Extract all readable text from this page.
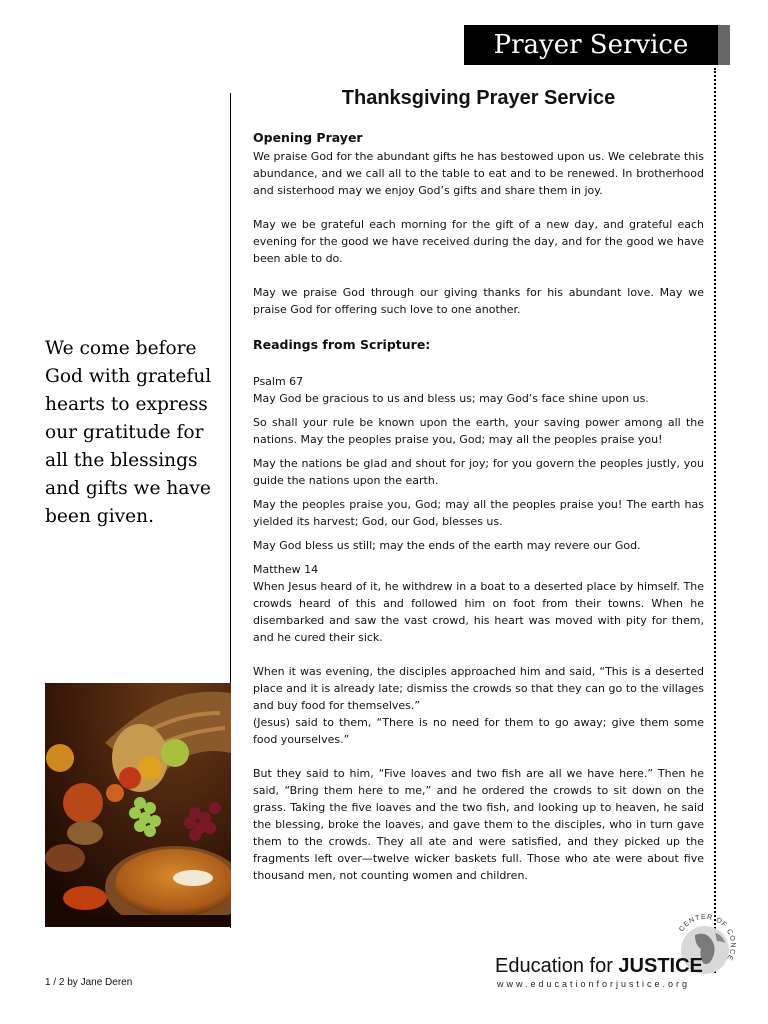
Prayer Service
We come before God with grateful hearts to express our gratitude for all the blessings and gifts we have been given.
Thanksgiving Prayer Service
Opening Prayer

We praise God for the abundant gifts he has bestowed upon us. We celebrate this abundance, and we call all to the table to eat and to be renewed. In brotherhood and sisterhood may we enjoy God’s gifts and share them in joy.

May we be grateful each morning for the gift of a new day, and grateful each evening for the good we have received during the day, and for the good we have been able to do.

May we praise God through our giving thanks for his abundant love. May we praise God for offering such love to one another.

Readings from Scripture:
Psalm 67

May God be gracious to us and bless us; may God’s face shine upon us.

So shall your rule be known upon the earth, your saving power among all the nations. May the peoples praise you, God; may all the peoples praise you!

May the nations be glad and shout for joy; for you govern the peoples justly, you guide the nations upon the earth.

May the peoples praise you, God; may all the peoples praise you! The earth has yielded its harvest; God, our God, blesses us.

May God bless us still; may the ends of the earth may revere our God.

Matthew 14

When Jesus heard of it, he withdrew in a boat to a deserted place by himself. The crowds heard of this and followed him on foot from their towns. When he disembarked and saw the vast crowd, his heart was moved with pity for them, and he cured their sick.

When it was evening, the disciples approached him and said, “This is a deserted place and it is already late; dismiss the crowds so that they can go to the villages and buy food for themselves.”

(Jesus) said to them, “There is no need for them to go away; give them some food yourselves.”

But they said to him, “Five loaves and two fish are all we have here.” Then he said, “Bring them here to me,” and he ordered the crowds to sit down on the grass. Taking the five loaves and the two fish, and looking up to heaven, he said the blessing, broke the loaves, and gave them to the disciples, who in turn gave them to the crowds. They all ate and were satisfied, and they picked up the fragments left over—twelve wicker baskets full. Those who ate were about five thousand men, not counting women and children.

1 / 2 by Jane Deren
CENTER OF CONCERN
Education for JUSTICE
www.educationforjustice.org
